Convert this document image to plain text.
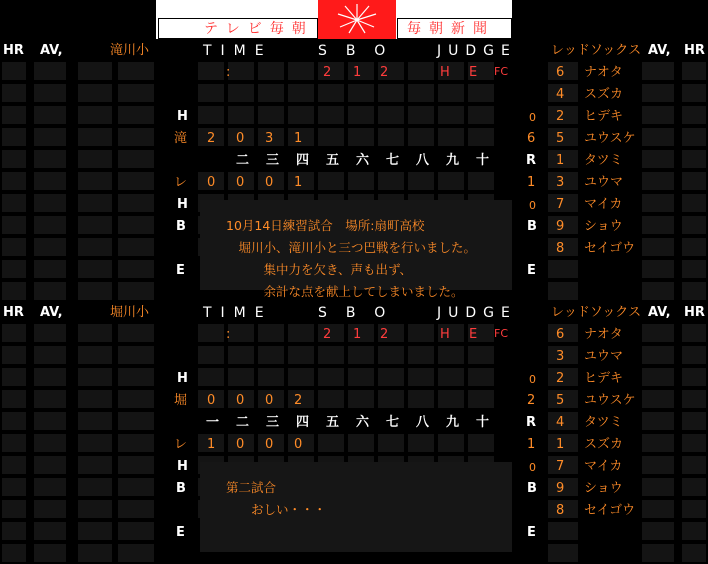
テレビ毎朝	毎朝新聞
HR AV,	滝川小	TIME	SBO JUDGE	レッドソックス AV, HR
:	2 1 2	H E FC	6 ナオタ
4 スズカ
2 ヒデキ
5 ユウスケ
1 タツミ
3 ユウマ
7 マイカ
9 ショウ
8 セイゴウ
H	0
H	0
滝 2 0 3 1	6
二 三 四 五 六 七 八 九 十	R
レ 0 0 0 1	1
B	B
E	E
10月14日練習試合　場所:扇町高校
　堀川小、滝川小と三つ巴戦を行いました。
　　　集中力を欠き、声も出ず、
　　　余計な点を献上してしまいました。
HR AV,	堀川小	TIME	SBO JUDGE	レッドソックス AV, HR
:	2 1 2	H E FC	6 ナオタ
3 ユウマ
2 ヒデキ
5 ユウスケ
4 タツミ
1 スズカ
7 マイカ
9 ショウ
8 セイゴウ
H	0
H	0
堀 0 0 0 2	2
一 二 三 四 五 六 七 八 九 十	R
レ 1 0 0 0	1
B	B
E	E
第二試合
　　おしい・・・
